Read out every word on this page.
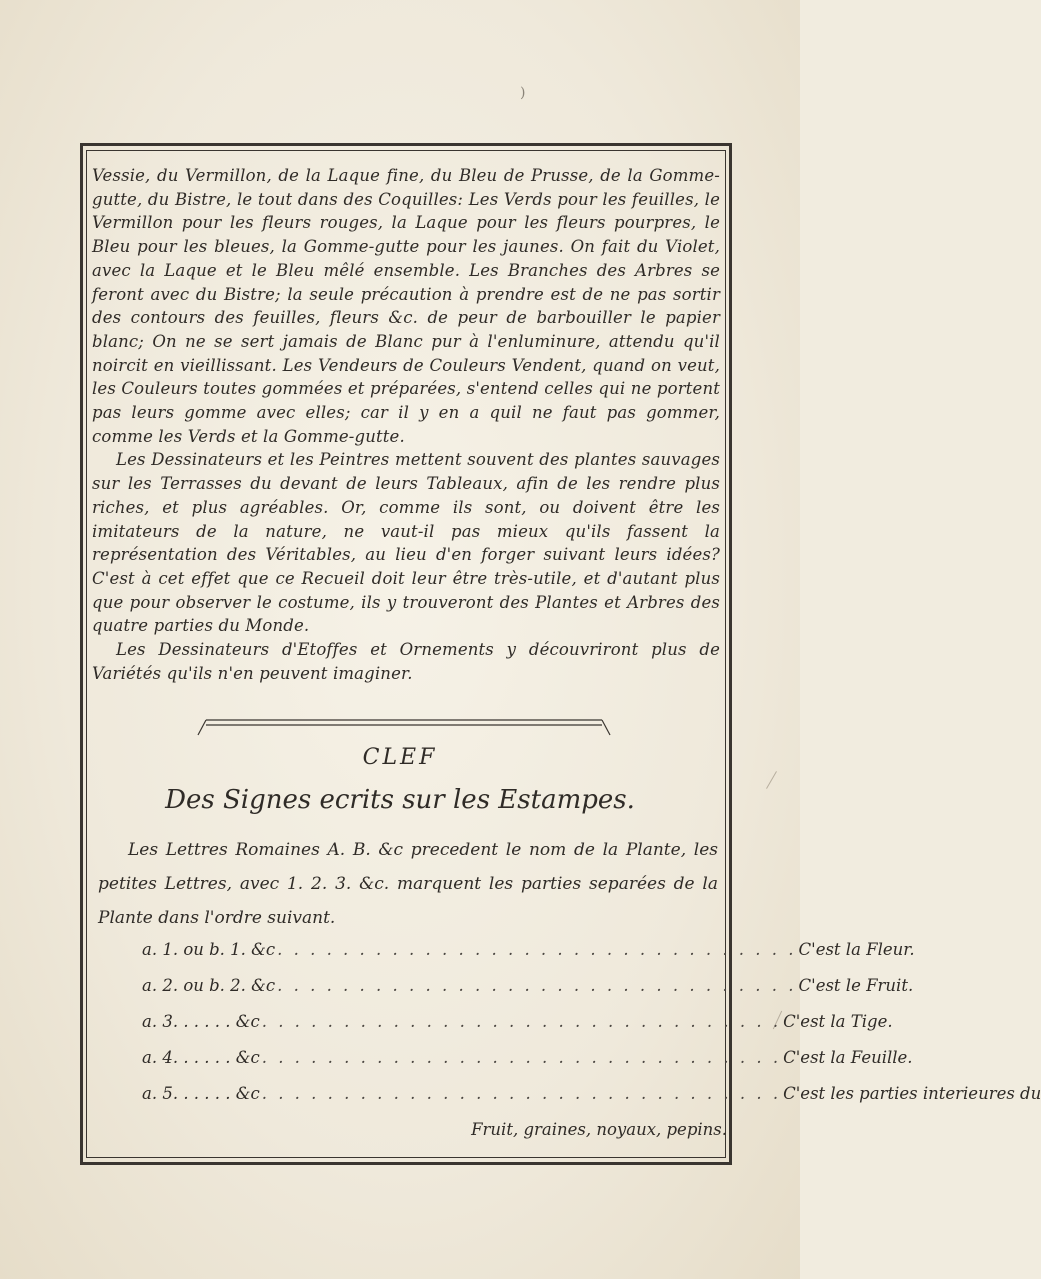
)

Vessie, du Vermillon, de la Laque fine, du Bleu de Prusse, de la Gomme-gutte, du Bistre, le tout dans des Coquilles: Les Verds pour les feuilles, le Vermillon pour les fleurs rouges, la Laque pour les fleurs pourpres, le Bleu pour les bleues, la Gomme-gutte pour les jaunes. On fait du Violet, avec la Laque et le Bleu mêlé ensemble. Les Branches des Arbres se feront avec du Bistre; la seule précaution à prendre est de ne pas sortir des contours des feuilles, fleurs &c. de peur de barbouiller le papier blanc; On ne se sert jamais de Blanc pur à l'enluminure, attendu qu'il noircit en vieillissant. Les Vendeurs de Couleurs Vendent, quand on veut, les Couleurs toutes gommées et préparées, s'entend celles qui ne portent pas leurs gomme avec elles; car il y en a quil ne faut pas gommer, comme les Verds et la Gomme-gutte.

Les Dessinateurs et les Peintres mettent souvent des plantes sauvages sur les Terrasses du devant de leurs Tableaux, afin de les rendre plus riches, et plus agréables. Or, comme ils sont, ou doivent être les imitateurs de la nature, ne vaut-il pas mieux qu'ils fassent la représentation des Véritables, au lieu d'en forger suivant leurs idées? C'est à cet effet que ce Recueil doit leur être très-utile, et d'autant plus que pour observer le costume, ils y trouveront des Plantes et Arbres des quatre parties du Monde.

Les Dessinateurs d'Etoffes et Ornements y découvriront plus de Variétés qu'ils n'en peuvent imaginer.

CLEF
Des Signes ecrits sur les Estampes.
Les Lettres Romaines A. B. &c precedent le nom de la Plante, les petites Lettres, avec 1. 2. 3. &c. marquent les parties separées de la Plante dans l'ordre suivant.
a. 1. ou b. 1. &c . . . . . . . . . . . . . . . . . . . . . . . . . . . . . . . . C'est la Fleur.
a. 2. ou b. 2. &c . . . . . . . . . . . . . . . . . . . . . . . . . . . . . . . . C'est le Fruit.
a. 3. . . . . . &c . . . . . . . . . . . . . . . . . . . . . . . . . . . . . . . . C'est la Tige.
a. 4. . . . . . &c . . . . . . . . . . . . . . . . . . . . . . . . . . . . . . . . C'est la Feuille.
a. 5. . . . . . &c . . . . . . . . . . . . . . . . . . . . . . . . . . . . . . . . C'est les parties interieures du
Fruit, graines, noyaux, pepins.
